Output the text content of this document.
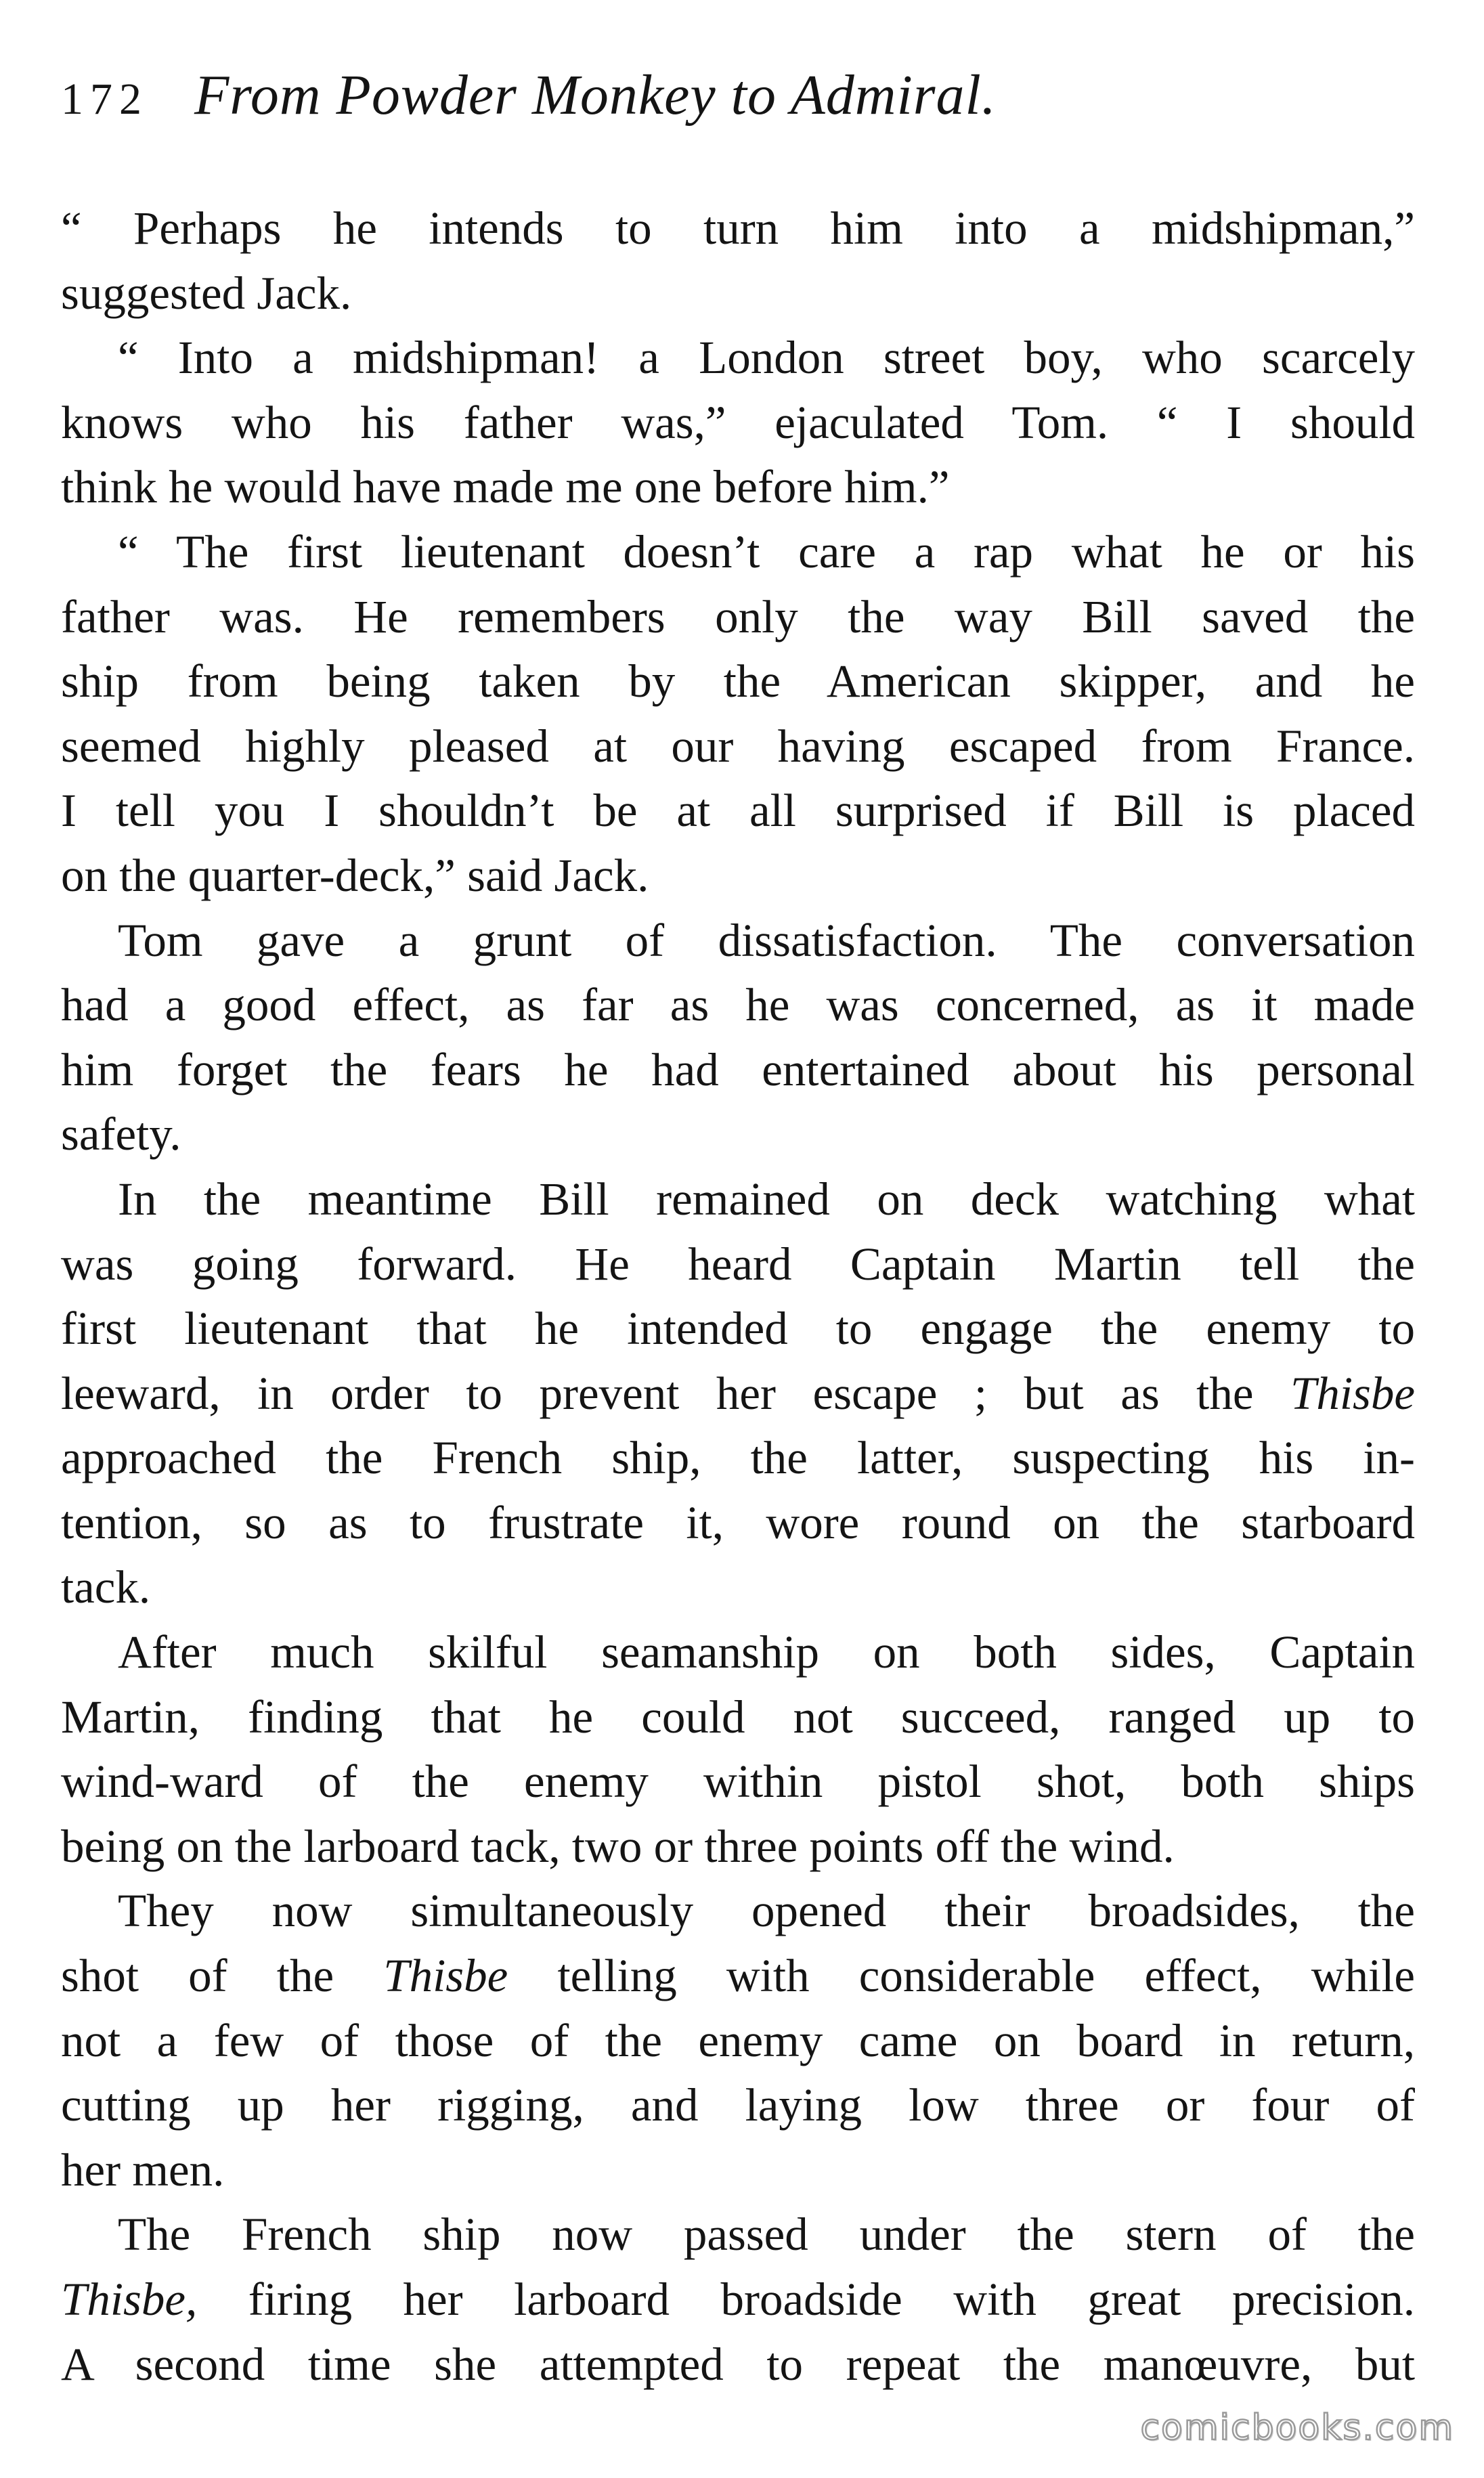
172 From Powder Monkey to Admiral.
“ Perhaps he intends to turn him into a midshipman,”
suggested Jack.
“ Into a midshipman! a London street boy, who scarcely
knows who his father was,” ejaculated Tom. “ I should
think he would have made me one before him.”
“ The first lieutenant doesn’t care a rap what he or his
father was. He remembers only the way Bill saved the
ship from being taken by the American skipper, and he
seemed highly pleased at our having escaped from France.
I tell you I shouldn’t be at all surprised if Bill is placed
on the quarter-deck,” said Jack.
Tom gave a grunt of dissatisfaction. The conversation
had a good effect, as far as he was concerned, as it made
him forget the fears he had entertained about his personal
safety.
In the meantime Bill remained on deck watching what
was going forward. He heard Captain Martin tell the
first lieutenant that he intended to engage the enemy to
leeward, in order to prevent her escape ; but as the Thisbe
approached the French ship, the latter, suspecting his in-
tention, so as to frustrate it, wore round on the starboard
tack.
After much skilful seamanship on both sides, Captain
Martin, finding that he could not succeed, ranged up to
wind-ward of the enemy within pistol shot, both ships
being on the larboard tack, two or three points off the wind.
They now simultaneously opened their broadsides, the
shot of the Thisbe telling with considerable effect, while
not a few of those of the enemy came on board in return,
cutting up her rigging, and laying low three or four of
her men.
The French ship now passed under the stern of the
Thisbe, firing her larboard broadside with great precision.
A second time she attempted to repeat the manœuvre, but
comicbooks.com
